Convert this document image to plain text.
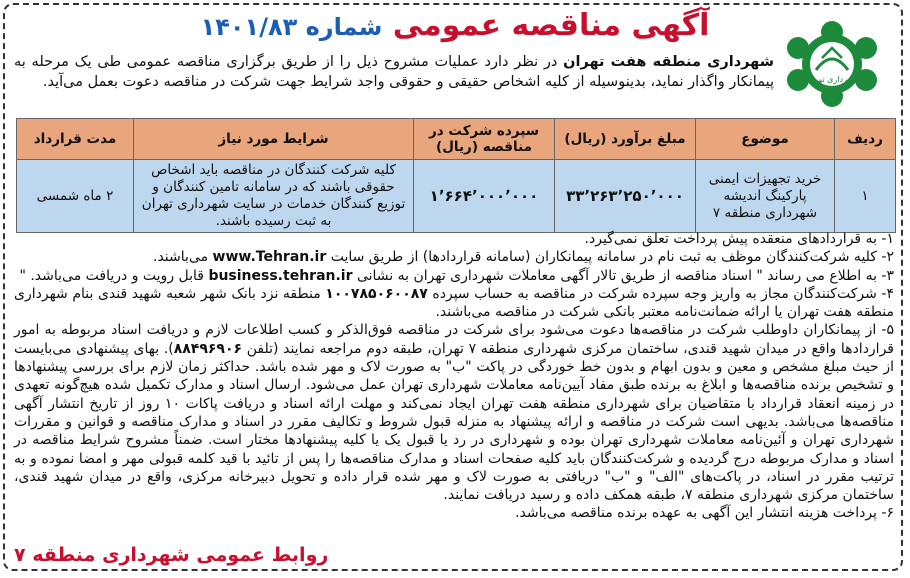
شهرداری تهران
آگهی مناقصه عمومی شماره ۱۴۰۱/۸۳
شهرداری منطقه هفت تهران در نظر دارد عملیات مشروح ذیل را از طریق برگزاری مناقصه عمومی طی یک مرحله به پیمانکار واگذار نماید، بدینوسیله از کلیه اشخاص حقیقی و حقوقی واجد شرایط جهت شرکت در مناقصه دعوت بعمل می‌آید.
ردیف	موضوع	مبلغ برآورد (ریال)	سپرده شرکت در مناقصه (ریال)	شرایط مورد نیاز	مدت قرارداد
۱	خرید تجهیزات ایمنی پارکینگ اندیشه شهرداری منطقه ۷	۳۳٬۲۶۳٬۲۵۰٬۰۰۰	۱٬۶۶۴٬۰۰۰٬۰۰۰	کلیه شرکت کنندگان در مناقصه باید اشخاص حقوقی باشند که در سامانه تامین کنندگان و توزیع کنندگان خدمات در سایت شهرداری تهران به ثبت رسیده باشند.	۲ ماه شمسی

۱- به قراردادهای منعقده پیش پرداخت تعلق نمی‌گیرد.

۲- کلیه شرکت‌کنندگان موظف به ثبت نام در سامانه پیمانکاران (سامانه قراردادها) از طریق سایت www.Tehran.ir می‌باشند.

۳- به اطلاع می رساند " اسناد مناقصه از طریق تالار آگهی معاملات شهرداری تهران به نشانی business.tehran.ir قابل رویت و دریافت می‌باشد. "

۴- شرکت‌کنندگان مجاز به واریز وجه سپرده شرکت در مناقصه به حساب سپرده ۱۰۰۷۸۵۰۶۰۰۸۷ منطقه نزد بانک شهر شعبه شهید قندی بنام شهرداری منطقه هفت تهران یا ارائه ضمانت‌نامه معتبر بانکی شرکت در مناقصه می‌باشند.

۵- از پیمانکاران داوطلب شرکت در مناقصه‌ها دعوت می‌شود برای شرکت در مناقصه فوق‌الذکر و کسب اطلاعات لازم و دریافت اسناد مربوطه به امور قراردادها واقع در میدان شهید قندی، ساختمان مرکزی شهرداری منطقه ۷ تهران، طبقه دوم مراجعه نمایند (تلفن ۸۸۴۹۶۹۰۶). بهای پیشنهادی می‌بایست از حیث مبلغ مشخص و معین و بدون ابهام و بدون خط خوردگی در پاکت "ب" به صورت لاک و مهر شده باشد. حداکثر زمان لازم برای بررسی پیشنهادها و تشخیص برنده مناقصه‌ها و ابلاغ به برنده طبق مفاد آیین‌نامه معاملات شهرداری تهران عمل می‌شود. ارسال اسناد و مدارک تکمیل شده هیچ‌گونه تعهدی در زمینه انعقاد قرارداد با متقاضیان برای شهرداری منطقه هفت تهران ایجاد نمی‌کند و مهلت ارائه اسناد و دریافت پاکات ۱۰ روز از تاریخ انتشار آگهی مناقصه‌ها می‌باشد. بدیهی است شرکت در مناقصه و ارائه پیشنهاد به منزله قبول شروط و تکالیف مقرر در اسناد و مدارک مناقصه و قوانین و مقررات شهرداری تهران و آئین‌نامه معاملات شهرداری تهران بوده و شهرداری در رد یا قبول یک یا کلیه پیشنهادها مختار است. ضمناً مشروح شرایط مناقصه در اسناد و مدارک مربوطه درج گردیده و شرکت‌کنندگان باید کلیه صفحات اسناد و مدارک مناقصه‌ها را پس از تائید با قید کلمه قبولی مهر و امضا نموده و به ترتیب مقرر در اسناد، در پاکت‌های "الف" و "ب" دریافتی به صورت لاک و مهر شده قرار داده و تحویل دبیرخانه مرکزی، واقع در میدان شهید قندی، ساختمان مرکزی شهرداری منطقه ۷، طبقه همکف داده و رسید دریافت نمایند.

۶- پرداخت هزینه انتشار این آگهی به عهده برنده مناقصه می‌باشد.

روابط عمومی شهرداری منطقه ۷
